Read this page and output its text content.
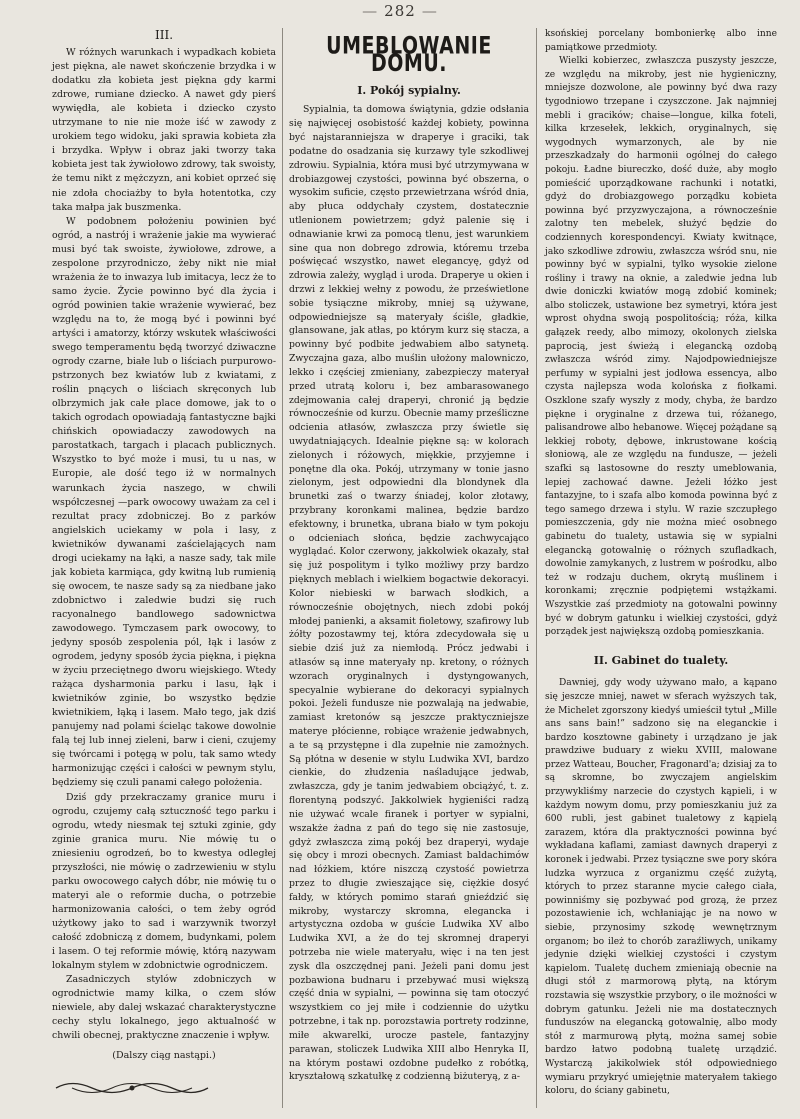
— 282 —
III.

W różnych warunkach i wypadkach kobieta jest piękna, ale nawet skończenie brzydka i w dodatku zła kobieta jest piękna gdy karmi zdrowe, rumiane dziecko. A nawet gdy pierś wywiędła, ale kobieta i dziecko czysto utrzymane to nie nie może iść w zawody z urokiem tego widoku, jaki sprawia kobieta zła i brzydka. Wpływ i obraz jaki tworzy taka kobieta jest tak żywiołowo zdrowy, tak swoisty, że temu nikt z mężczyzn, ani kobiet oprzeć się nie zdoła chociażby to była hotentotka, czy taka małpa jak buszmenka.

W podobnem położeniu powinien być ogród, a nastrój i wrażenie jakie ma wywierać musi być tak swoiste, żywiołowe, zdrowe, a zespolone przyrodniczo, żeby nikt nie miał wrażenia że to inwazya lub imitacya, lecz że to samo życie. Życie powinno być dla życia i ogród powinien takie wrażenie wywierać, bez względu na to, że mogą być i powinni być artyści i amatorzy, którzy wskutek właściwości swego temperamentu będą tworzyć dziwaczne ogrody czarne, białe lub o liściach purpurowo-pstrzonych bez kwiatów lub z kwiatami, z roślin pnących o liściach skręconych lub olbrzymich jak całe place domowe, jak to o takich ogrodach opowiadają fantastyczne bajki chińskich opowiadaczy zawodowych na parostatkach, targach i placach publicznych. Wszystko to być może i musi, tu u nas, w Europie, ale dość tego iż w normalnych warunkach życia naszego, w chwili współczesnej —park owocowy uważam za cel i rezultat pracy zdobniczej. Bo z parków angielskich uciekamy w pola i lasy, z kwietników dywanami zaścielających nam drogi uciekamy na łąki, a nasze sady, tak mile jak kobieta karmiąca, gdy kwitną lub rumienią się owocem, te nasze sady są za niedbane jako zdobnictwo i zaledwie budzi się ruch racyonalnego bandlowego sadownictwa zawodowego. Tymczasem park owocowy, to jedyny sposób zespolenia pól, łąk i lasów z ogrodem, jedyny sposób życia piękna, i piękna w życiu przeciętnego dworu wiejskiego. Wtedy rażąca dysharmonia parku i lasu, łąk i kwietników zginie, bo wszystko będzie kwietnikiem, łąką i lasem. Mało tego, jak dziś panujemy nad polami ścieląc takowe dowolnie falą tej lub innej zieleni, barw i cieni, czujemy się twórcami i potęgą w polu, tak samo wtedy harmonizując części i całości w pewnym stylu, będziemy się czuli panami całego położenia.

Dziś gdy przekraczamy granice muru i ogrodu, czujemy całą sztuczność tego parku i ogrodu, wtedy niesmak tej sztuki zginie, gdy zginie granica muru. Nie mówię tu o zniesieniu ogrodzeń, bo to kwestya odległej przyszłości, nie mówię o zadrzewieniu w stylu parku owocowego całych dóbr, nie mówię tu o materyi ale o reformie ducha, o potrzebie harmonizowania całości, o tem żeby ogród użytkowy jako to sad i warzywnik tworzył całość zdobniczą z domem, budynkami, polem i lasem. O tej reformie mówię, którą nazywam lokalnym stylem w zdobnictwie ogrodniczem.

Zasadniczych stylów zdobniczych w ogrodnictwie mamy kilka, o czem słów niewiele, aby dalej wskazać charakterystyczne cechy stylu lokalnego, jego aktualność w chwili obecnej, praktyczne znaczenie i wpływ.

(Dalszy ciąg nastąpi.)
UMEBLOWANIE DOMU.
I. Pokój sypialny.

Sypialnia, ta domowa świątynia, gdzie odsłania się najwięcej osobistość każdej kobiety, powinna być najstaranniejsza w draperye i graciki, tak podatne do osadzania się kurzawy tyle szkodliwej zdrowiu. Sypialnia, która musi być utrzymywana w drobiazgowej czystości, powinna być obszerna, o wysokim suficie, często przewietrzana wśród dnia, aby płuca oddychały czystem, dostatecznie utlenionem powietrzem; gdyż palenie się i odnawianie krwi za pomocą tlenu, jest warunkiem sine qua non dobrego zdrowia, któremu trzeba poświęcać wszystko, nawet elegancyę, gdyż od zdrowia zależy, wygląd i uroda. Draperye u okien i drzwi z lekkiej wełny z powodu, że prześwietlone sobie tysiączne mikroby, mniej są używane, odpowiedniejsze są materyały ściśle, gładkie, glansowane, jak atłas, po którym kurz się stacza, a powinny być podbite jedwabiem albo satynetą. Zwyczajna gaza, albo muślin ułożony malowniczo, lekko i częściej zmieniany, zabezpieczy materyał przed utratą koloru i, bez ambarasowanego zdejmowania całej draperyi, chronić ją będzie równocześnie od kurzu. Obecnie mamy prześliczne odcienia atłasów, zwłaszcza przy świetle się uwydatniających. Idealnie piękne są: w kolorach zielonych i różowych, miękkie, przyjemne i ponętne dla oka. Pokój, utrzymany w tonie jasno zielonym, jest odpowiedni dla blondynek dla brunetki zaś o twarzy śniadej, kolor złotawy, przybrany koronkami malinea, będzie bardzo efektowny, i brunetka, ubrana biało w tym pokoju o odcieniach słońca, będzie zachwycająco wyglądać. Kolor czerwony, jakkolwiek okazały, stał się już pospolitym i tylko możliwy przy bardzo pięknych meblach i wielkiem bogactwie dekoracyi. Kolor niebieski w barwach słodkich, a równocześnie obojętnych, niech zdobi pokój młodej panienki, a aksamit fioletowy, szafirowy lub żółty pozostawmy tej, która zdecydowała się u siebie dziś już za niemłodą. Prócz jedwabi i atłasów są inne materyały np. kretony, o różnych wzorach oryginalnych i dystyngowanych, specyalnie wybierane do dekoracyi sypialnych pokoi. Jeżeli fundusze nie pozwalają na jedwabie, zamiast kretonów są jeszcze praktyczniejsze materye płócienne, robiące wrażenie jedwabnych, a te są przystępne i dla zupełnie nie zamożnych. Są płótna w desenie w stylu Ludwika XVI, bardzo cienkie, do złudzenia naśladujące jedwab, zwłaszcza, gdy je tanim jedwabiem obciążyć, t. z. florentyną podszyć. Jakkolwiek hygieniści radzą nie używać wcale firanek i portyer w sypialni, wszakże żadna z pań do tego się nie zastosuje, gdyż zwłaszcza zimą pokój bez draperyi, wydaje się obcy i mrozi obecnych. Zamiast baldachimów nad łóżkiem, które niszczą czystość powietrza przez to długie zwieszające się, ciężkie dosyć fałdy, w których pomimo starań gnieździć się mikroby, wystarczy skromna, elegancka i artystyczna ozdoba w guście Ludwika XV albo Ludwika XVI, a że do tej skromnej draperyi potrzeba nie wiele materyału, więc i na ten jest zysk dla oszczędnej pani. Jeżeli pani domu jest pozbawiona budnaru i przebywać musi większą część dnia w sypialni, — powinna się tam otoczyć wszystkiem co jej miłe i codziennie do użytku potrzebne, i tak np. porozstawia portrety rodzinne, miłe akwarelki, urocze pastele, fantazyjny parawan, stoliczek Ludwika XIII albo Henryka II, na którym postawi ozdobne pudełko z robótką, kryształową szkatułkę z codzienną biżuteryą, z a-

ksońskiej porcelany bombonierkę albo inne pamiątkowe przedmioty.

Wielki kobierzec, zwłaszcza puszysty jeszcze, ze względu na mikroby, jest nie hygieniczny, mniejsze dozwolone, ale powinny być dwa razy tygodniowo trzepane i czyszczone. Jak najmniej mebli i gracików; chaise—longue, kilka foteli, kilka krzesełek, lekkich, oryginalnych, się wygodnych wymarzonych, ale by nie przeszkadzały do harmonii ogólnej do całego pokoju. Ładne biureczko, dość duże, aby mogło pomieścić uporządkowane rachunki i notatki, gdyż do drobiazgowego porządku kobieta powinna być przyzwyczajona, a równocześnie zalotny ten mebelek, służyć będzie do codziennych korespondencyi. Kwiaty kwitnące, jako szkodliwe zdrowiu, zwłaszcza wśród snu, nie powinny być w sypialni, tylko wysokie zielone rośliny i trawy na oknie, a zaledwie jedna lub dwie doniczki kwiatów mogą zdobić kominek; albo stoliczek, ustawione bez symetryi, która jest wprost ohydna swoją pospolitością; róża, kilka gałązek reedy, albo mimozy, okolonych zielska paprocią, jest świeżą i elegancką ozdobą zwłaszcza wśród zimy. Najodpowiedniejsze perfumy w sypialni jest jodłowa essencya, albo czysta najlepsza woda kolońska z fiołkami. Oszklone szafy wyszły z mody, chyba, że bardzo piękne i oryginalne z drzewa tui, różanego, palisandrowe albo hebanowe. Więcej pożądane są lekkiej roboty, dębowe, inkrustowane kością słoniową, ale ze względu na fundusze, — jeżeli szafki są lastosowne do reszty umeblowania, lepiej zachować dawne. Jeżeli łóżko jest fantazyjne, to i szafa albo komoda powinna być z tego samego drzewa i stylu. W razie szczupłego pomieszczenia, gdy nie można mieć osobnego gabinetu do tualety, ustawia się w sypialni elegancką gotowalnię o różnych szufladkach, dowolnie zamykanych, z lustrem w pośrodku, albo też w rodzaju duchem, okrytą muślinem i koronkami; zręcznie podpiętemi wstążkami. Wszystkie zaś przedmioty na gotowalni powinny być w dobrym gatunku i wielkiej czystości, gdyż porządek jest największą ozdobą pomieszkania.

II. Gabinet do tualety.

Dawniej, gdy wody używano mało, a kąpano się jeszcze mniej, nawet w sferach wyższych tak, że Michelet zgorszony kiedyś umieścił tytuł „Mille ans sans bain!” sadzono się na eleganckie i bardzo kosztowne gabinety i urządzano je jak prawdziwe buduary z wieku XVIII, malowane przez Watteau, Boucher, Fragonard'a; dzisiaj za to są skromne, bo zwyczajem angielskim przywykliśmy narzecie do czystych kąpieli, i w każdym nowym domu, przy pomieszkaniu już za 600 rubli, jest gabinet tualetowy z kąpielą zarazem, która dla praktyczności powinna być wykładana kaflami, zamiast dawnych draperyi z koronek i jedwabi. Przez tysiączne swe pory skóra ludzka wyrzuca z organizmu część zużytą, których to przez staranne mycie całego ciała, powinniśmy się pozbywać pod grozą, że przez pozostawienie ich, wchłaniając je na nowo w siebie, przynosimy szkodę wewnętrznym organom; bo ileż to chorób zaraźliwych, unikamy jedynie dzięki wielkiej czystości i czystym kąpielom. Tualetę duchem zmieniają obecnie na długi stół z marmorową płytą, na którym rozstawia się wszystkie przybory, o ile możności w dobrym gatunku. Jeżeli nie ma dostatecznych funduszów na elegancką gotowalnię, albo mody stół z marmurową płytą, można samej sobie bardzo łatwo podobną tualetę urządzić. Wystarczą jakikolwiek stół odpowiedniego wymiaru przykryć umiejętnie materyałem takiego koloru, do ściany gabinetu,
